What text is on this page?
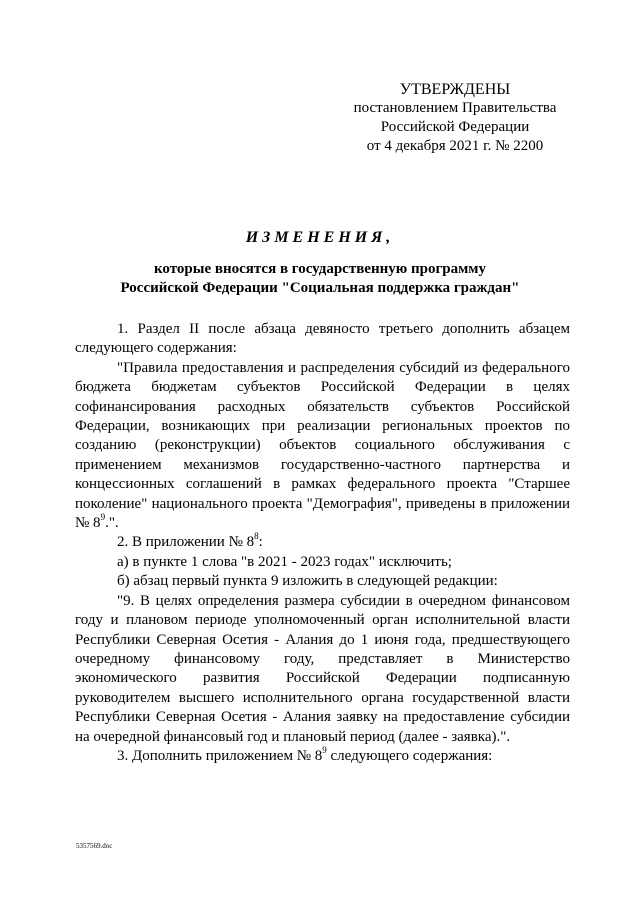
УТВЕРЖДЕНЫ
постановлением Правительства
Российской Федерации
от 4 декабря 2021 г. № 2200
ИЗМЕНЕНИЯ,
которые вносятся в государственную программу
Российской Федерации "Социальная поддержка граждан"

1. Раздел II после абзаца девяносто третьего дополнить абзацем следующего содержания:

"Правила предоставления и распределения субсидий из федерального бюджета бюджетам субъектов Российской Федерации в целях софинансирования расходных обязательств субъектов Российской Федерации, возникающих при реализации региональных проектов по созданию (реконструкции) объектов социального обслуживания с применением механизмов государственно-частного партнерства и концессионных соглашений в рамках федерального проекта "Старшее поколение" национального проекта "Демография", приведены в приложении № $8^9$.".

2. В приложении № $8^8$:

а) в пункте 1 слова "в 2021 - 2023 годах" исключить;

б) абзац первый пункта 9 изложить в следующей редакции:

"9. В целях определения размера субсидии в очередном финансовом году и плановом периоде уполномоченный орган исполнительной власти Республики Северная Осетия - Алания до 1 июня года, предшествующего очередному финансовому году, представляет в Министерство экономического развития Российской Федерации подписанную руководителем высшего исполнительного органа государственной власти Республики Северная Осетия - Алания заявку на предоставление субсидии на очередной финансовый год и плановый период (далее - заявка).".

3. Дополнить приложением № $8^9$ следующего содержания:

5357569.doc
